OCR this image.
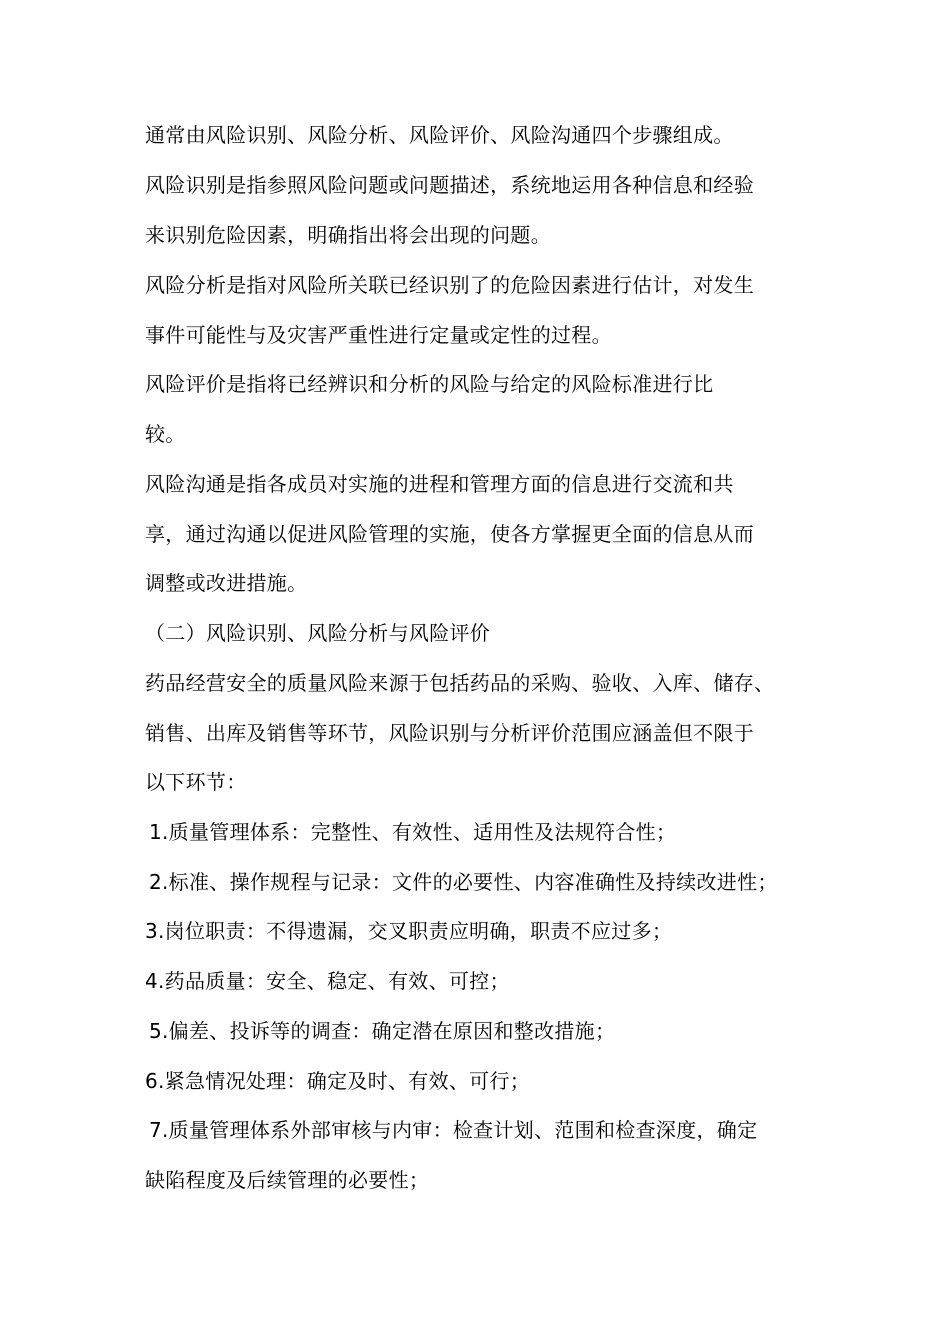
通常由风险识别、风险分析、风险评价、风险沟通四个步骤组成。
风险识别是指参照风险问题或问题描述，系统地运用各种信息和经验
来识别危险因素，明确指出将会出现的问题。
风险分析是指对风险所关联已经识别了的危险因素进行估计，对发生
事件可能性与及灾害严重性进行定量或定性的过程。
风险评价是指将已经辨识和分析的风险与给定的风险标准进行比
较。
风险沟通是指各成员对实施的进程和管理方面的信息进行交流和共
享，通过沟通以促进风险管理的实施，使各方掌握更全面的信息从而
调整或改进措施。
（二）风险识别、风险分析与风险评价
药品经营安全的质量风险来源于包括药品的采购、验收、入库、储存、
销售、出库及销售等环节，风险识别与分析评价范围应涵盖但不限于
以下环节：
1.质量管理体系：完整性、有效性、适用性及法规符合性；
2.标准、操作规程与记录：文件的必要性、内容准确性及持续改进性；
3.岗位职责：不得遗漏，交叉职责应明确，职责不应过多；
4.药品质量：安全、稳定、有效、可控；
5.偏差、投诉等的调查：确定潜在原因和整改措施；
6.紧急情况处理：确定及时、有效、可行；
7.质量管理体系外部审核与内审：检查计划、范围和检查深度，确定
缺陷程度及后续管理的必要性；
